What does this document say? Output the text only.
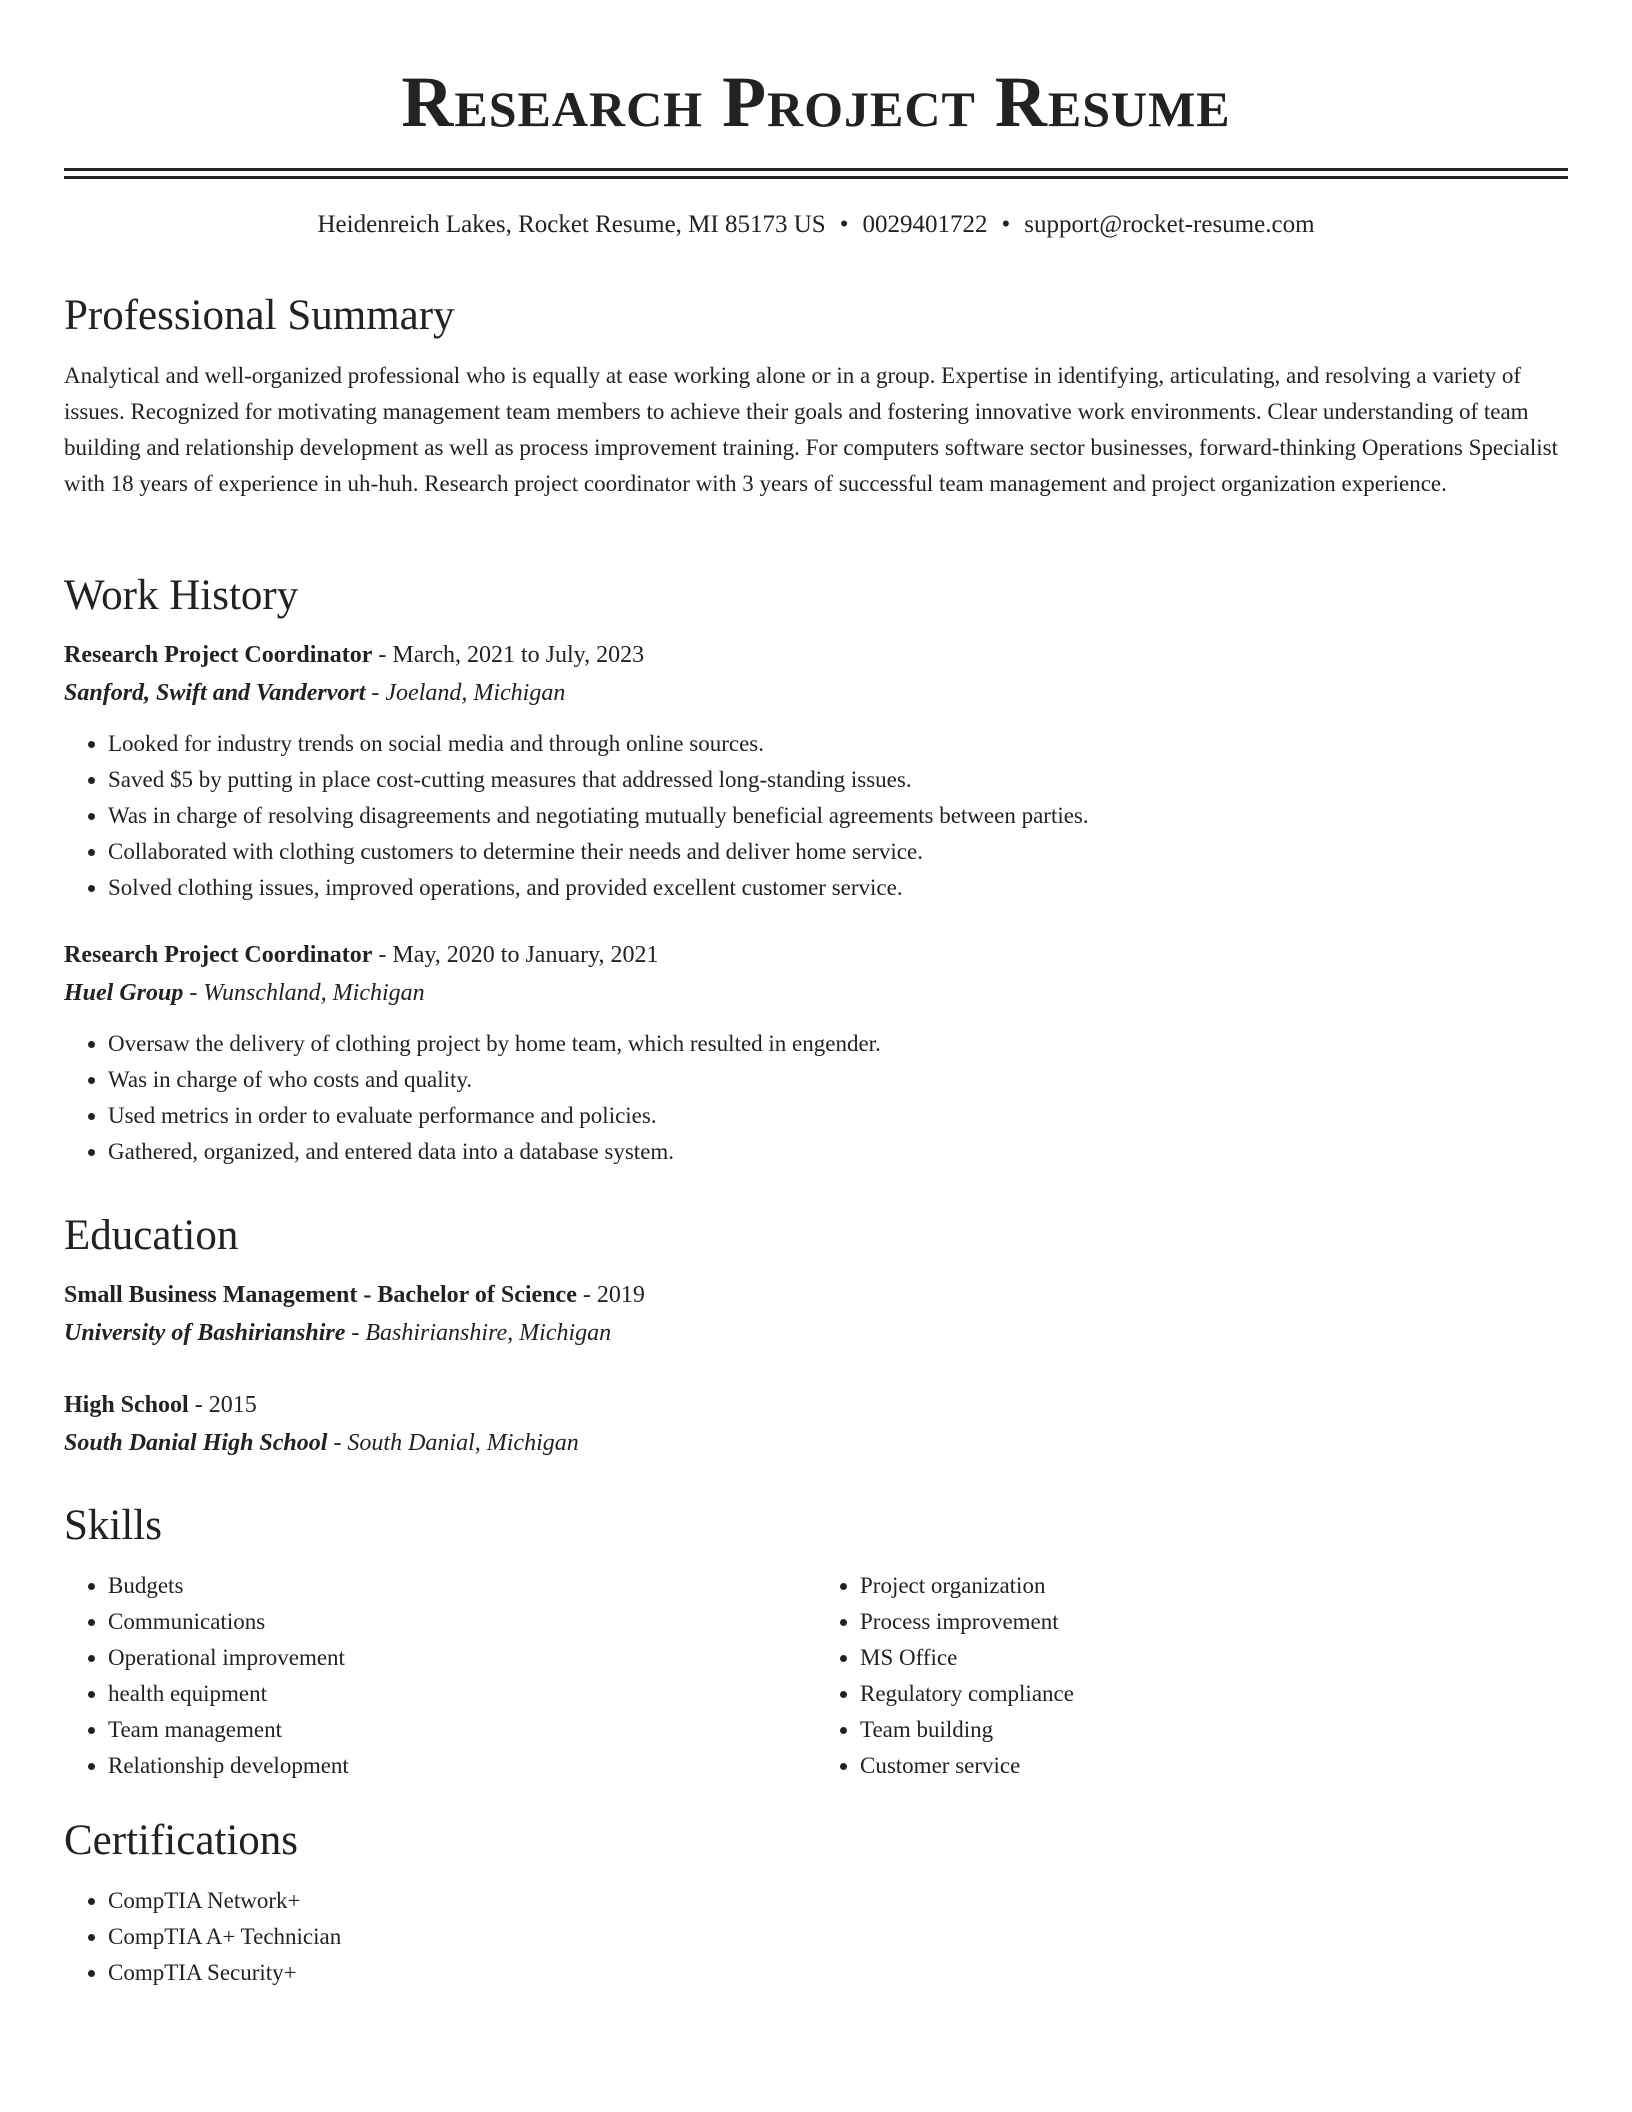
Research Project Resume
Heidenreich Lakes, Rocket Resume, MI 85173 US • 0029401722 • support@rocket-resume.com
Professional Summary

Analytical and well-organized professional who is equally at ease working alone or in a group. Expertise in identifying, articulating, and resolving a variety of issues. Recognized for motivating management team members to achieve their goals and fostering innovative work environments. Clear understanding of team building and relationship development as well as process improvement training. For computers software sector businesses, forward-thinking Operations Specialist with 18 years of experience in uh-huh. Research project coordinator with 3 years of successful team management and project organization experience.

Work History
Research Project Coordinator - March, 2021 to July, 2023
Sanford, Swift and Vandervort - Joeland, Michigan
• Looked for industry trends on social media and through online sources.
• Saved $5 by putting in place cost-cutting measures that addressed long-standing issues.
• Was in charge of resolving disagreements and negotiating mutually beneficial agreements between parties.
• Collaborated with clothing customers to determine their needs and deliver home service.
• Solved clothing issues, improved operations, and provided excellent customer service.
Research Project Coordinator - May, 2020 to January, 2021
Huel Group - Wunschland, Michigan
• Oversaw the delivery of clothing project by home team, which resulted in engender.
• Was in charge of who costs and quality.
• Used metrics in order to evaluate performance and policies.
• Gathered, organized, and entered data into a database system.
Education
Small Business Management - Bachelor of Science - 2019
University of Bashirianshire - Bashirianshire, Michigan
High School - 2015
South Danial High School - South Danial, Michigan
Skills
• Budgets
• Communications
• Operational improvement
• health equipment
• Team management
• Relationship development
• Project organization
• Process improvement
• MS Office
• Regulatory compliance
• Team building
• Customer service
Certifications
• CompTIA Network+
• CompTIA A+ Technician
• CompTIA Security+
